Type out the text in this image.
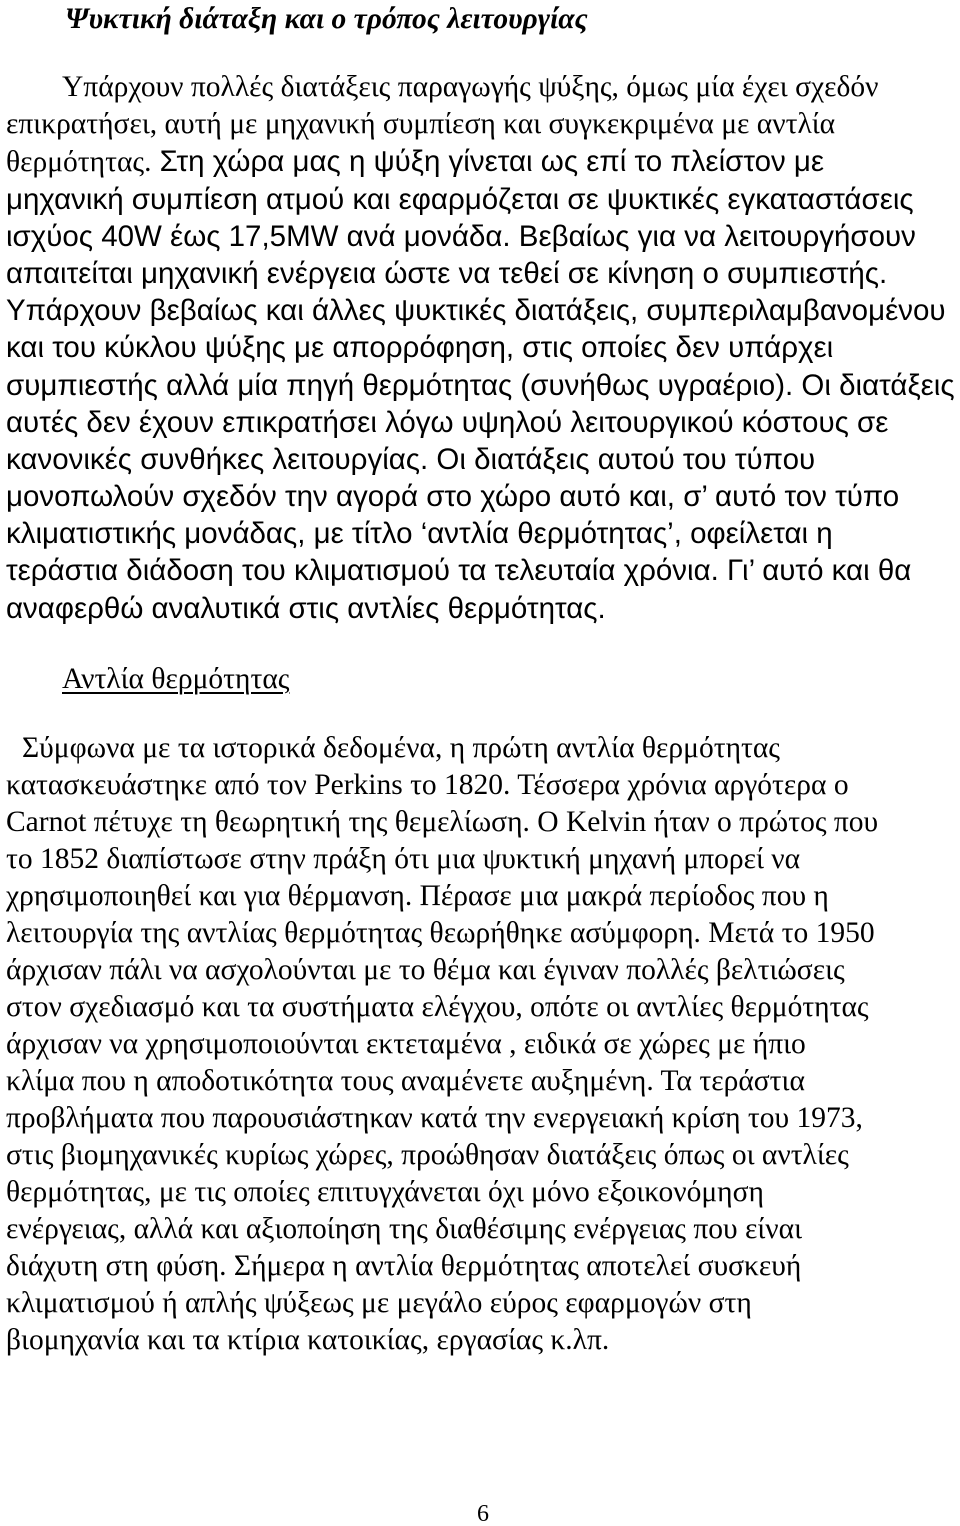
Ψυκτική διάταξη και ο τρόπος λειτουργίας
Υπάρχουν πολλές διατάξεις παραγωγής ψύξης, όμως μία έχει σχεδόν
επικρατήσει, αυτή με μηχανική συμπίεση και συγκεκριμένα με αντλία
θερμότητας. Στη χώρα μας η ψύξη γίνεται ως επί το πλείστον με
μηχανική συμπίεση ατμού και εφαρμόζεται σε ψυκτικές εγκαταστάσεις
ισχύος 40W έως 17,5MW ανά μονάδα. Βεβαίως για να λειτουργήσουν
απαιτείται μηχανική ενέργεια ώστε να τεθεί σε κίνηση ο συμπιεστής.
Υπάρχουν βεβαίως και άλλες ψυκτικές διατάξεις, συμπεριλαμβανομένου
και του κύκλου ψύξης με απορρόφηση, στις οποίες δεν υπάρχει
συμπιεστής αλλά μία πηγή θερμότητας (συνήθως υγραέριο). Οι διατάξεις
αυτές δεν έχουν επικρατήσει λόγω υψηλού λειτουργικού κόστους σε
κανονικές συνθήκες λειτουργίας. Οι διατάξεις αυτού του τύπου
μονοπωλούν σχεδόν την αγορά στο χώρο αυτό και, σ’ αυτό τον τύπο
κλιματιστικής μονάδας, με τίτλο ‘αντλία θερμότητας’, οφείλεται η
τεράστια διάδοση του κλιματισμού τα τελευταία χρόνια. Γι’ αυτό και θα
αναφερθώ αναλυτικά στις αντλίες θερμότητας.
Αντλία θερμότητας
Σύμφωνα με τα ιστορικά δεδομένα, η πρώτη αντλία θερμότητας
κατασκευάστηκε από τον Perkins το 1820. Τέσσερα χρόνια αργότερα ο
Carnot πέτυχε τη θεωρητική της θεμελίωση. Ο Kelvin ήταν ο πρώτος που
το 1852 διαπίστωσε στην πράξη ότι μια ψυκτική μηχανή μπορεί να
χρησιμοποιηθεί και για θέρμανση. Πέρασε μια μακρά περίοδος που η
λειτουργία της αντλίας θερμότητας θεωρήθηκε ασύμφορη. Μετά το 1950
άρχισαν πάλι να ασχολούνται με το θέμα και έγιναν πολλές βελτιώσεις
στον σχεδιασμό και τα συστήματα ελέγχου, οπότε οι αντλίες θερμότητας
άρχισαν να χρησιμοποιούνται εκτεταμένα , ειδικά σε χώρες με ήπιο
κλίμα που η αποδοτικότητα τους αναμένετε αυξημένη. Τα τεράστια
προβλήματα που παρουσιάστηκαν κατά την ενεργειακή κρίση του 1973,
στις βιομηχανικές κυρίως χώρες, προώθησαν διατάξεις όπως οι αντλίες
θερμότητας, με τις οποίες επιτυγχάνεται όχι μόνο εξοικονόμηση
ενέργειας, αλλά και αξιοποίηση της διαθέσιμης ενέργειας που είναι
διάχυτη στη φύση. Σήμερα η αντλία θερμότητας αποτελεί συσκευή
κλιματισμού ή απλής ψύξεως με μεγάλο εύρος εφαρμογών στη
βιομηχανία και τα κτίρια κατοικίας, εργασίας κ.λπ.
6
